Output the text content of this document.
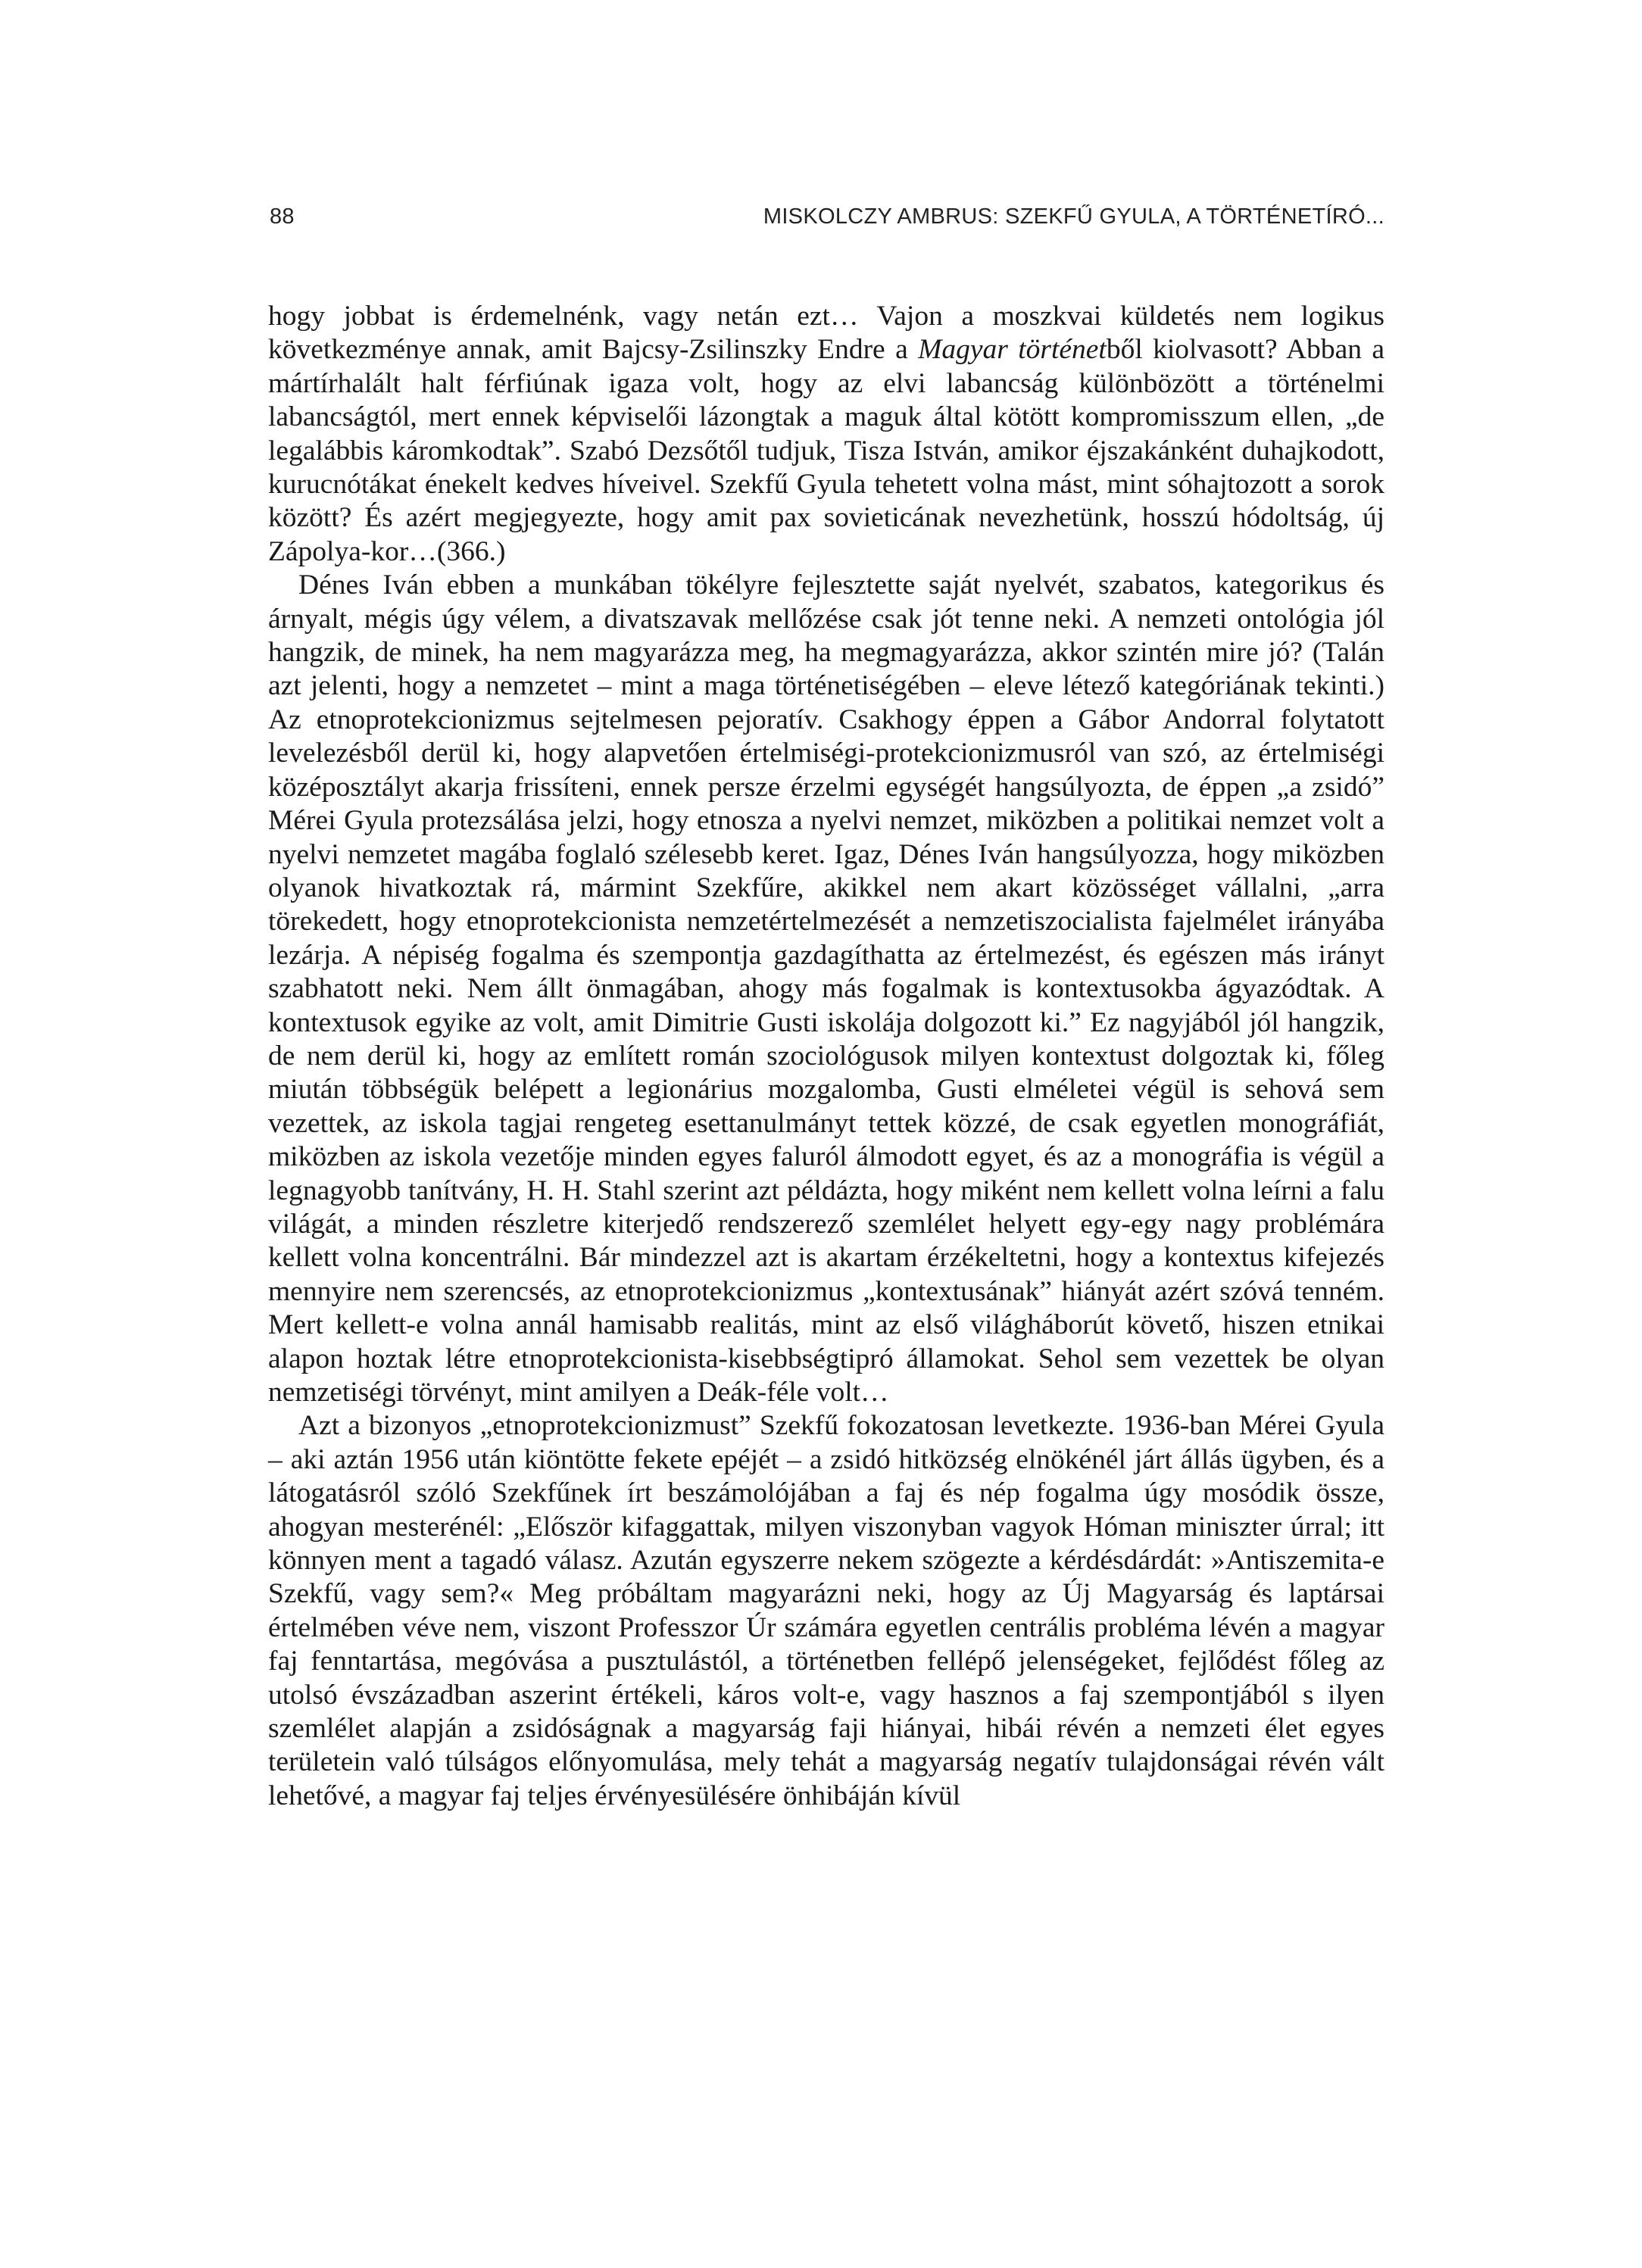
88	MISKOLCZY AMBRUS: SZEKFŰ GYULA, A TÖRTÉNETÍRÓ...

hogy jobbat is érdemelnénk, vagy netán ezt… Vajon a moszkvai küldetés nem logikus következménye annak, amit Bajcsy-Zsilinszky Endre a Magyar történetből kiolvasott? Abban a mártírhalált halt férfiúnak igaza volt, hogy az elvi labancság különbözött a történelmi labancságtól, mert ennek képviselői lázongtak a maguk által kötött kompromisszum ellen, „de legalábbis káromkodtak”. Szabó Dezsőtől tudjuk, Tisza István, amikor éjszakánként duhajkodott, kurucnótákat énekelt kedves híveivel. Szekfű Gyula tehetett volna mást, mint sóhajtozott a sorok között? És azért megjegyezte, hogy amit pax sovieticának nevezhetünk, hosszú hódoltság, új Zápolya-kor…(366.)

Dénes Iván ebben a munkában tökélyre fejlesztette saját nyelvét, szabatos, kategorikus és árnyalt, mégis úgy vélem, a divatszavak mellőzése csak jót tenne neki. A nemzeti ontológia jól hangzik, de minek, ha nem magyarázza meg, ha megmagyarázza, akkor szintén mire jó? (Talán azt jelenti, hogy a nemzetet – mint a maga történetiségében – eleve létező kategóriának tekinti.) Az etnoprotekcionizmus sejtelmesen pejoratív. Csakhogy éppen a Gábor Andorral folytatott levelezésből derül ki, hogy alapvetően értelmiségi-protekcionizmusról van szó, az értelmiségi középosztályt akarja frissíteni, ennek persze érzelmi egységét hangsúlyozta, de éppen „a zsidó” Mérei Gyula protezsálása jelzi, hogy etnosza a nyelvi nemzet, miközben a politikai nemzet volt a nyelvi nemzetet magába foglaló szélesebb keret. Igaz, Dénes Iván hangsúlyozza, hogy miközben olyanok hivatkoztak rá, mármint Szekfűre, akikkel nem akart közösséget vállalni, „arra törekedett, hogy etnoprotekcionista nemzetértelmezését a nemzetiszocialista fajelmélet irányába lezárja. A népiség fogalma és szempontja gazdagíthatta az értelmezést, és egészen más irányt szabhatott neki. Nem állt önmagában, ahogy más fogalmak is kontextusokba ágyazódtak. A kontextusok egyike az volt, amit Dimitrie Gusti iskolája dolgozott ki.” Ez nagyjából jól hangzik, de nem derül ki, hogy az említett román szociológusok milyen kontextust dolgoztak ki, főleg miután többségük belépett a legionárius mozgalomba, Gusti elméletei végül is sehová sem vezettek, az iskola tagjai rengeteg esettanulmányt tettek közzé, de csak egyetlen monográfiát, miközben az iskola vezetője minden egyes faluról álmodott egyet, és az a monográfia is végül a legnagyobb tanítvány, H. H. Stahl szerint azt példázta, hogy miként nem kellett volna leírni a falu világát, a minden részletre kiterjedő rendszerező szemlélet helyett egy-egy nagy problémára kellett volna koncentrálni. Bár mindezzel azt is akartam érzékeltetni, hogy a kontextus kifejezés mennyire nem szerencsés, az etnoprotekcionizmus „kontextusának” hiányát azért szóvá tenném. Mert kellett-e volna annál hamisabb realitás, mint az első világháborút követő, hiszen etnikai alapon hoztak létre etnoprotekcionista-kisebbségtipró államokat. Sehol sem vezettek be olyan nemzetiségi törvényt, mint amilyen a Deák-féle volt…

Azt a bizonyos „etnoprotekcionizmust” Szekfű fokozatosan levetkezte. 1936-ban Mérei Gyula – aki aztán 1956 után kiöntötte fekete epéjét – a zsidó hitközség elnökénél járt állás ügyben, és a látogatásról szóló Szekfűnek írt beszámolójában a faj és nép fogalma úgy mosódik össze, ahogyan mesterénél: „Először kifaggattak, milyen viszonyban vagyok Hóman miniszter úrral; itt könnyen ment a tagadó válasz. Azután egyszerre nekem szögezte a kérdésdárdát: »Antiszemita-e Szekfű, vagy sem?« Meg próbáltam magyarázni neki, hogy az Új Magyarság és laptársai értelmében véve nem, viszont Professzor Úr számára egyetlen centrális probléma lévén a magyar faj fenntartása, megóvása a pusztulástól, a történetben fellépő jelenségeket, fejlődést főleg az utolsó évszázadban aszerint értékeli, káros volt-e, vagy hasznos a faj szempontjából s ilyen szemlélet alapján a zsidóságnak a magyarság faji hiányai, hibái révén a nemzeti élet egyes területein való túlságos előnyomulása, mely tehát a magyarság negatív tulajdonságai révén vált lehetővé, a magyar faj teljes érvényesülésére önhibáján kívül
